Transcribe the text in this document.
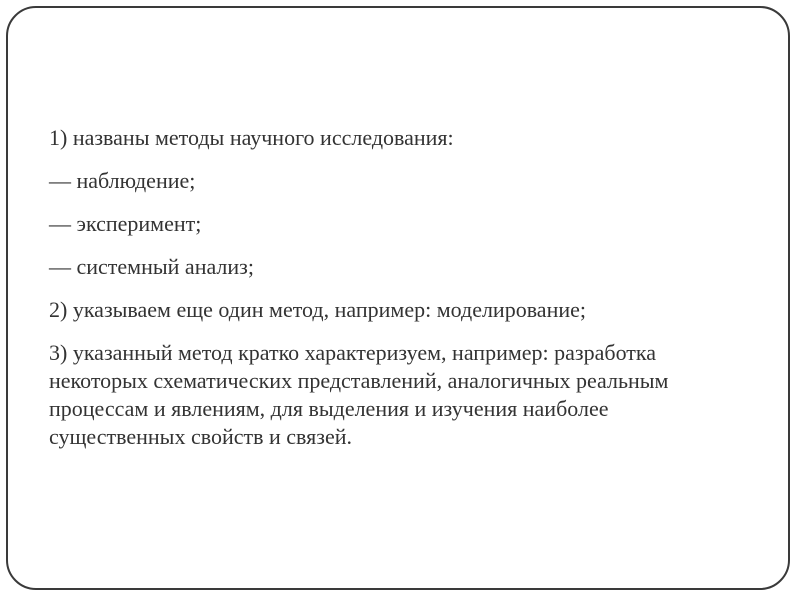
1) названы методы научного исследования:

— наблюдение;

— эксперимент;

— системный анализ;

2) указываем еще один метод, например: моделирование;

3) указанный метод кратко характеризуем, например: разработка некоторых схематических представлений, аналогичных реальным процессам и явлениям, для выделения и изучения наиболее существенных свойств и связей.
